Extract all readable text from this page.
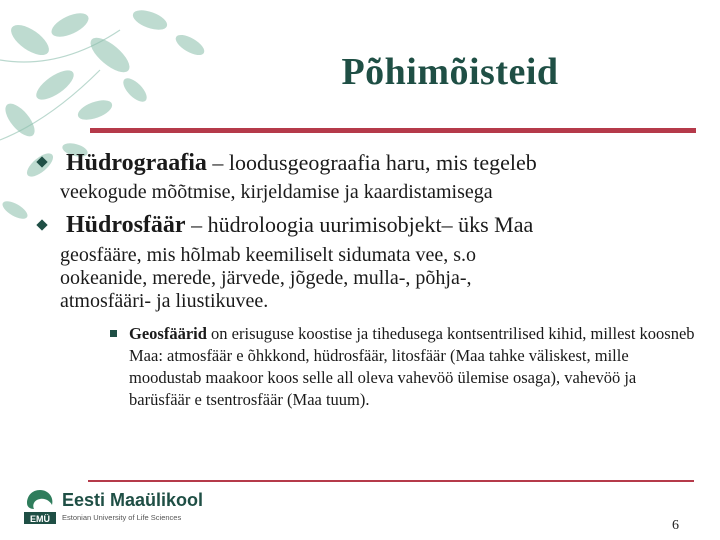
Põhimõisteid
Hüdrograafia – loodusgeograafia haru, mis tegeleb
veekogude mõõtmise, kirjeldamise ja kaardistamisega
Hüdrosfäär – hüdroloogia uurimisobjekt– üks Maa
geosfääre, mis hõlmab keemiliselt sidumata vee, s.o
ookeanide, merede, järvede, jõgede, mulla-, põhja-,
atmosfääri- ja liustikuvee.
Geosfäärid on erisuguse koostise ja tihedusega kontsentrilised kihid, millest koosneb Maa: atmosfäär e õhkkond, hüdrosfäär, litosfäär (Maa tahke väliskest, mille moodustab maakoor koos selle all oleva vahevöö ülemise osaga), vahevöö ja barüsfäär e tsentrosfäär (Maa tuum).
EMÜ
Eesti Maaülikool
Estonian University of Life Sciences
6
